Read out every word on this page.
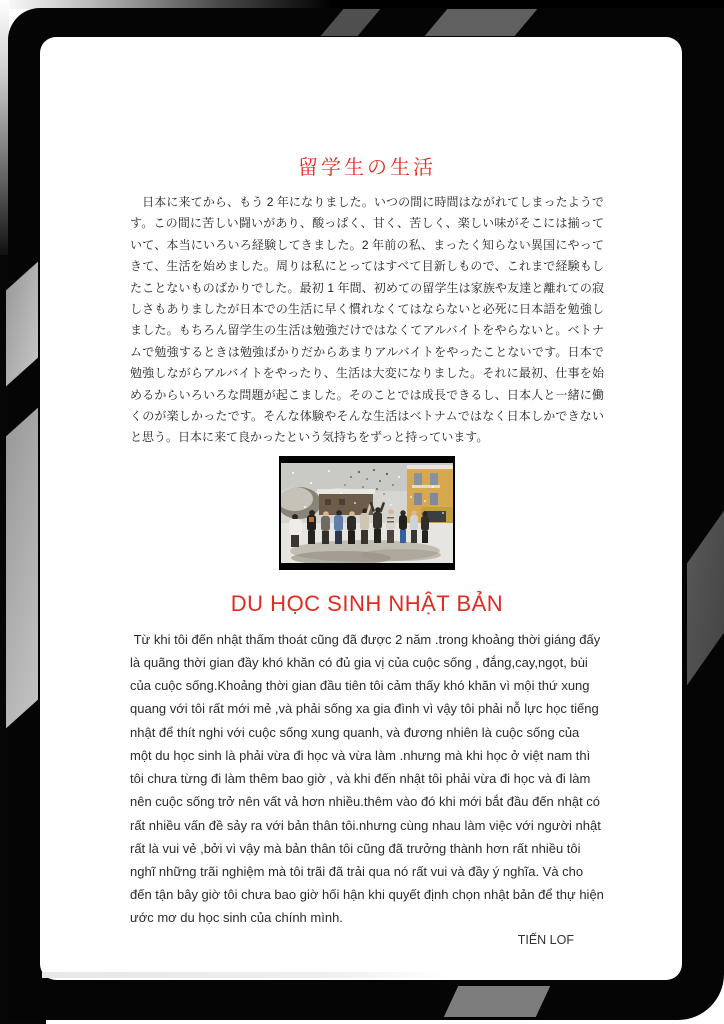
留学生の生活
　日本に来てから、もう 2 年になりました。いつの間に時間はながれてしまったようです。この間に苦しい闘いがあり、酸っぱく、甘く、苦しく、楽しい味がそこには揃っていて、本当にいろいろ経験してきました。2 年前の私、まったく知らない異国にやってきて、生活を始めました。周りは私にとってはすべて目新しもので、これまで経験もしたことないものばかりでした。最初 1 年間、初めての留学生は家族や友達と離れての寂しさもありましたが日本での生活に早く慣れなくてはならないと必死に日本語を勉強しました。もちろん留学生の生活は勉強だけではなくてアルバイトをやらないと。ベトナムで勉強するときは勉強ばかりだからあまりアルバイトをやったことないです。日本で勉強しながらアルバイトをやったり、生活は大変になりました。それに最初、仕事を始めるからいろいろな問題が起こました。そのことでは成長できるし、日本人と一緒に働くのが楽しかったです。そんな体験やそんな生活はベトナムではなく日本しかできないと思う。日本に来て良かったという気持ちをずっと持っています。
DU HỌC SINH NHẬT BẢN
Từ khi tôi đến nhật thấm thoát cũng đã được 2 năm .trong khoảng thời giáng đấy là quãng thời gian đầy khó khăn có đủ gia vị của cuộc sống , đắng,cay,ngọt, bùi của cuộc sống.Khoảng thời gian đầu tiên tôi cảm thấy khó khăn vì mội thứ xung quang với tôi rất mới mẻ ,và phải sống xa gia đình vì vậy tôi phải nỗ lực học tiếng nhật để thít nghi với cuộc sống xung quanh, và đương nhiên là cuộc sống của một du học sinh là phải vừa đi học và vừa làm .nhưng mà khi học ở việt nam thì tôi chưa từng đi làm thêm bao giờ , và khi đến nhật tôi phải vừa đi học và đi làm nên cuộc sống trở nên vất vả hơn nhiều.thêm vào đó khi mới bắt đầu đến nhật có rất nhiều vấn đề sảy ra với bản thân tôi.nhưng cùng nhau làm việc với người nhật rất là vui vẻ ,bởi vì vậy mà bản thân tôi cũng đã trưởng thành hơn rất nhiều tôi nghĩ những trãi nghiệm mà tôi trãi đã trải qua nó rất vui và đầy ý nghĩa. Và cho đến tận bây giờ tôi chưa bao giờ hối hận khi quyết định chọn nhật bản để thự hiện ước mơ du học sinh của chính mình.
TIẾN LOF
